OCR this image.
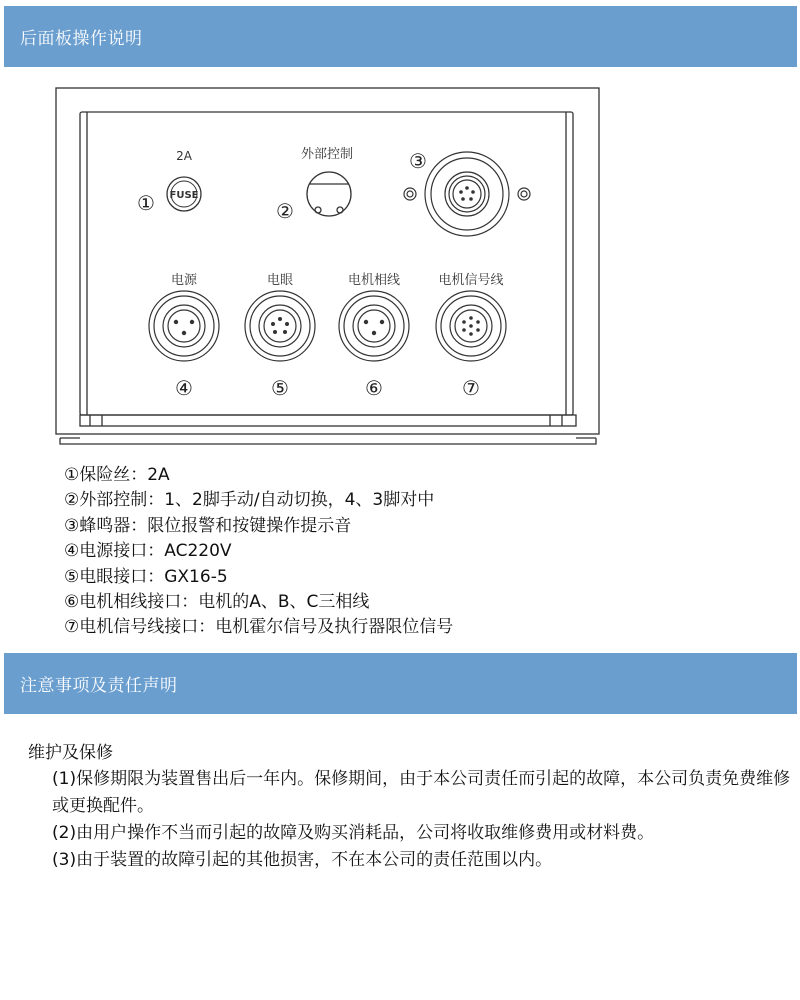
后面板操作说明
2A
FUSE
①
外部控制
②
③
电源	电眼	电机相线	电机信号线
④	⑤	⑥	⑦
①保险丝：2A
②外部控制：1、2脚手动/自动切换，4、3脚对中
③蜂鸣器：限位报警和按键操作提示音
④电源接口：AC220V
⑤电眼接口：GX16-5
⑥电机相线接口：电机的A、B、C三相线
⑦电机信号线接口：电机霍尔信号及执行器限位信号
注意事项及责任声明
维护及保修
(1)保修期限为装置售出后一年内。保修期间，由于本公司责任而引起的故障，本公司负责免费维修或更换配件。
(2)由用户操作不当而引起的故障及购买消耗品，公司将收取维修费用或材料费。
(3)由于装置的故障引起的其他损害，不在本公司的责任范围以内。
